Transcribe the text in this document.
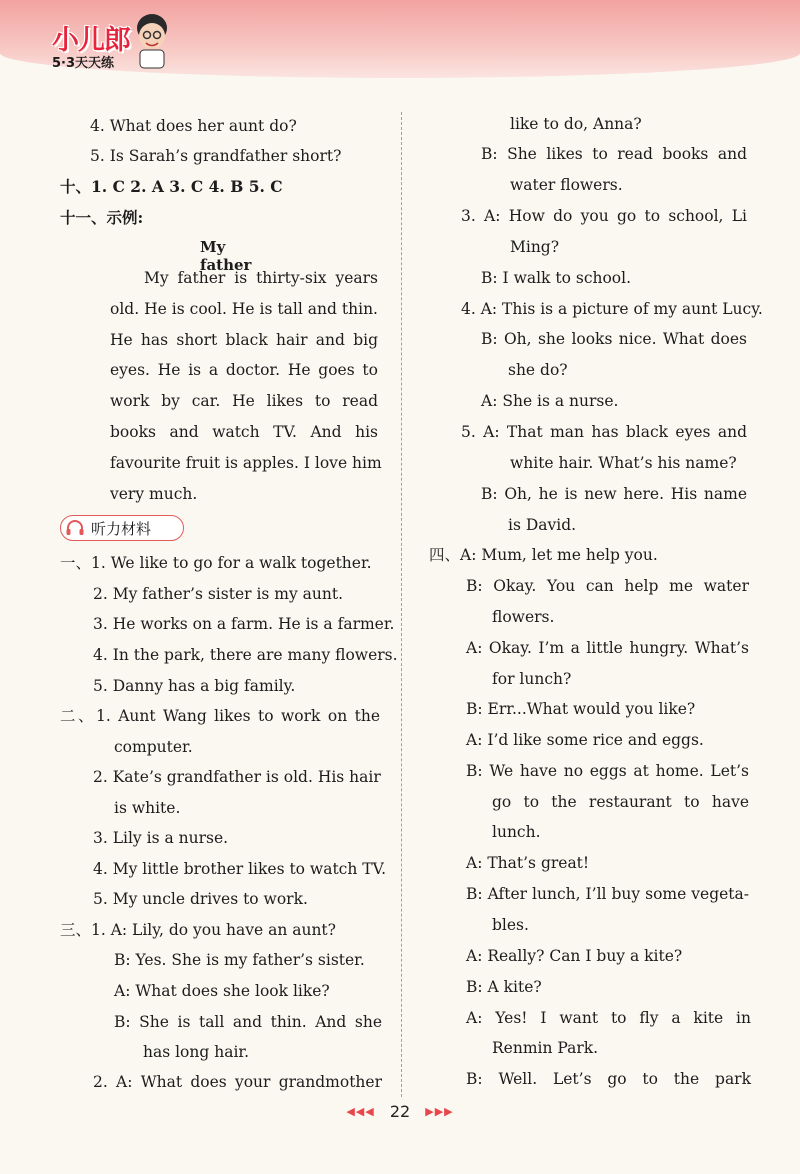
小儿郎
5·3天天练
4. What does her aunt do?
5. Is Sarah’s grandfather short?
十、1. C 2. A 3. C 4. B 5. C
十一、示例:
My father
My father is thirty-six years
old. He is cool. He is tall and thin.
He has short black hair and big
eyes. He is a doctor. He goes to
work by car. He likes to read
books and watch TV. And his
favourite fruit is apples. I love him
very much.
听力材料
一、1. We like to go for a walk together.
2. My father’s sister is my aunt.
3. He works on a farm. He is a farmer.
4. In the park, there are many flowers.
5. Danny has a big family.
二、1. Aunt Wang likes to work on the
computer.
2. Kate’s grandfather is old. His hair
is white.
3. Lily is a nurse.
4. My little brother likes to watch TV.
5. My uncle drives to work.
三、1. A: Lily, do you have an aunt?
B: Yes. She is my father’s sister.
A: What does she look like?
B: She is tall and thin. And she
has long hair.
2. A: What does your grandmother
like to do, Anna?
B: She likes to read books and
water flowers.
3. A: How do you go to school, Li
Ming?
B: I walk to school.
4. A: This is a picture of my aunt Lucy.
B: Oh, she looks nice. What does
she do?
A: She is a nurse.
5. A: That man has black eyes and
white hair. What’s his name?
B: Oh, he is new here. His name
is David.
四、A: Mum, let me help you.
B: Okay. You can help me water
flowers.
A: Okay. I’m a little hungry. What’s
for lunch?
B: Err...What would you like?
A: I’d like some rice and eggs.
B: We have no eggs at home. Let’s
go to the restaurant to have
lunch.
A: That’s great!
B: After lunch, I’ll buy some vegeta-
bles.
A: Really? Can I buy a kite?
B: A kite?
A: Yes! I want to fly a kite in
Renmin Park.
B: Well. Let’s go to the park
◀◀◀ 22 ▶▶▶
